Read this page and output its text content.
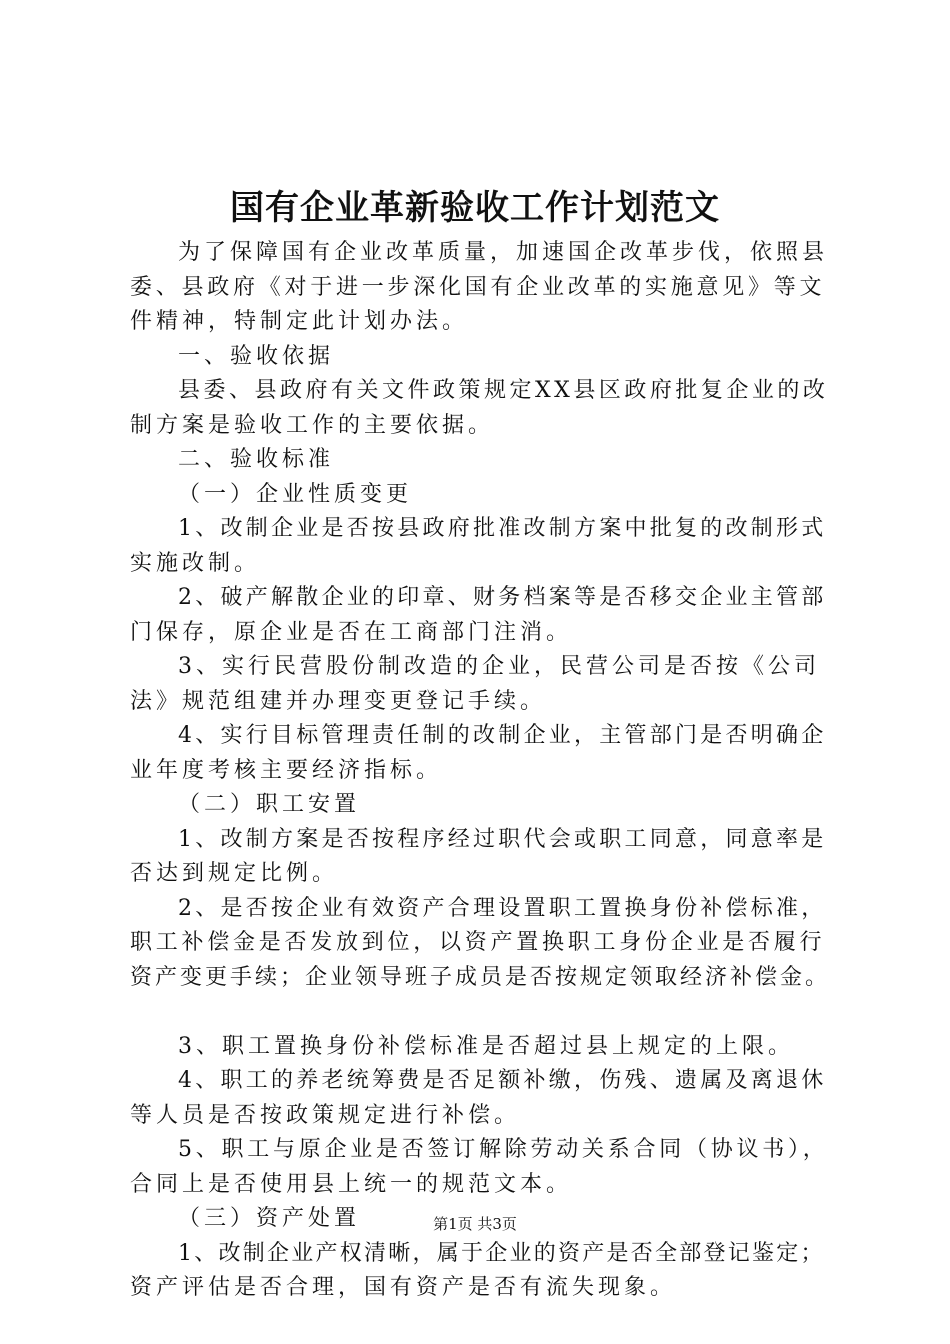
国有企业革新验收工作计划范文
为了保障国有企业改革质量，加速国企改革步伐，依照县
委、县政府《对于进一步深化国有企业改革的实施意见》等文
件精神，特制定此计划办法。
一、验收依据
县委、县政府有关文件政策规定XX县区政府批复企业的改
制方案是验收工作的主要依据。
二、验收标准
（一）企业性质变更
1、改制企业是否按县政府批准改制方案中批复的改制形式
实施改制。
2、破产解散企业的印章、财务档案等是否移交企业主管部
门保存，原企业是否在工商部门注消。
3、实行民营股份制改造的企业，民营公司是否按《公司
法》规范组建并办理变更登记手续。
4、实行目标管理责任制的改制企业，主管部门是否明确企
业年度考核主要经济指标。
（二）职工安置
1、改制方案是否按程序经过职代会或职工同意，同意率是
否达到规定比例。
2、是否按企业有效资产合理设置职工置换身份补偿标准，
职工补偿金是否发放到位，以资产置换职工身份企业是否履行
资产变更手续；企业领导班子成员是否按规定领取经济补偿金。
3、职工置换身份补偿标准是否超过县上规定的上限。
4、职工的养老统筹费是否足额补缴，伤残、遗属及离退休
等人员是否按政策规定进行补偿。
5、职工与原企业是否签订解除劳动关系合同（协议书），
合同上是否使用县上统一的规范文本。
（三）资产处置
1、改制企业产权清晰，属于企业的资产是否全部登记鉴定；
资产评估是否合理，国有资产是否有流失现象。
第1页 共3页
